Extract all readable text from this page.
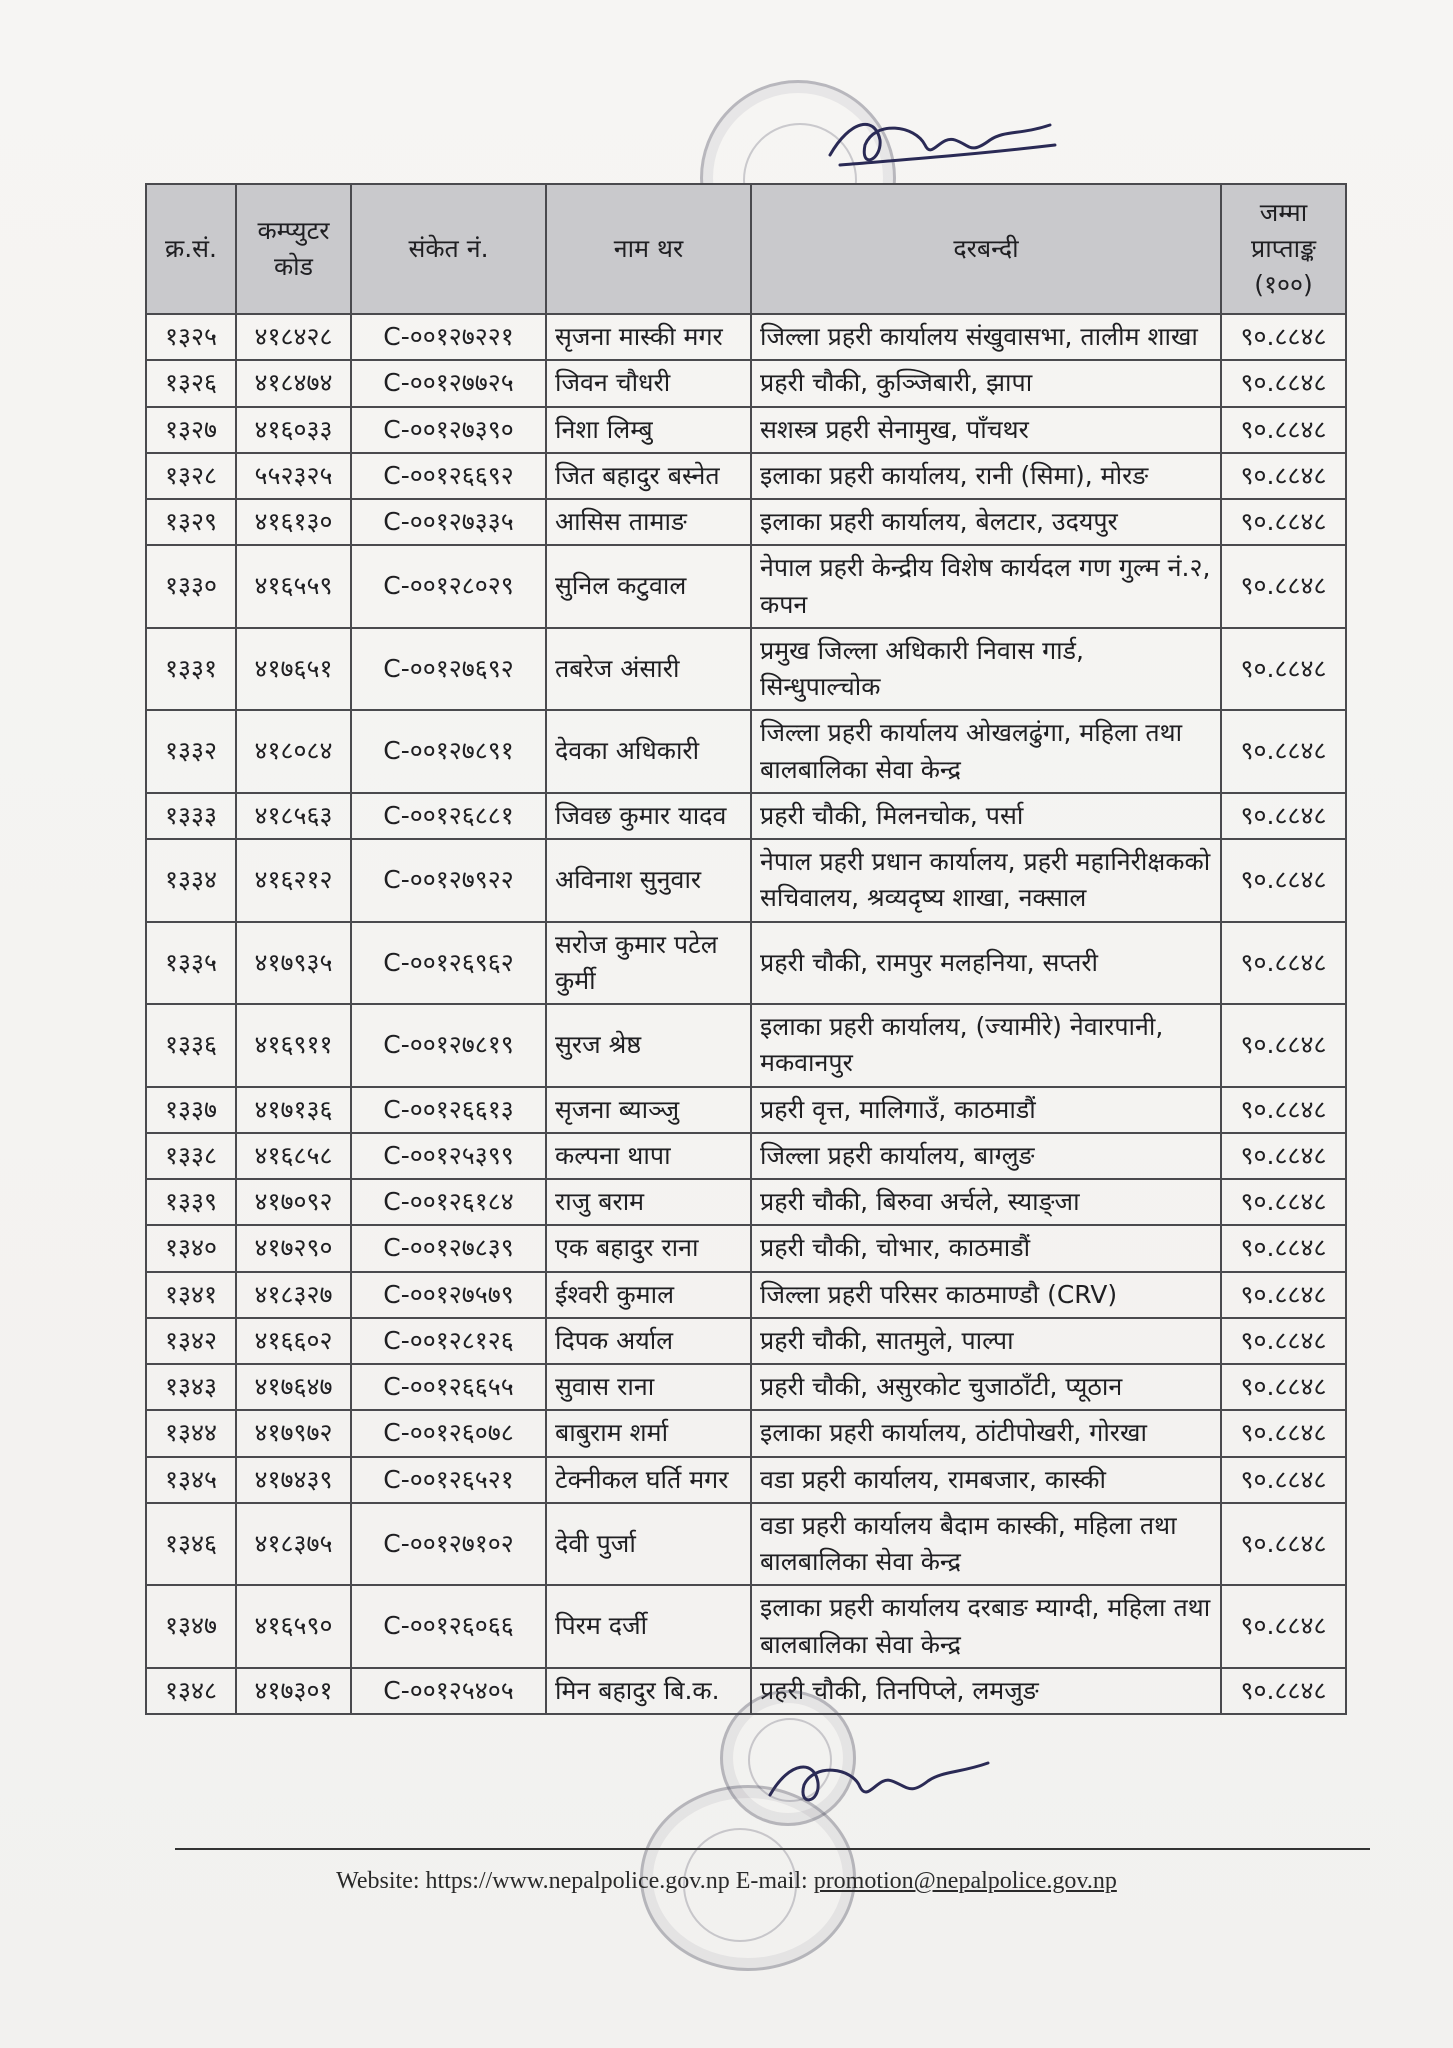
क्र.सं.	कम्प्युटर कोड	संकेत नं.	नाम थर	दरबन्दी	जम्मा प्राप्ताङ्क (१००)
१३२५	४१८४२८	C-००१२७२२१	सृजना मास्की मगर	जिल्ला प्रहरी कार्यालय संखुवासभा, तालीम शाखा	९०.८८४८
१३२६	४१८४७४	C-००१२७७२५	जिवन चौधरी	प्रहरी चौकी, कुञ्जिबारी, झापा	९०.८८४८
१३२७	४१६०३३	C-००१२७३९०	निशा लिम्बु	सशस्त्र प्रहरी सेनामुख, पाँचथर	९०.८८४८
१३२८	५५२३२५	C-००१२६६९२	जित बहादुर बस्नेत	इलाका प्रहरी कार्यालय, रानी (सिमा), मोरङ	९०.८८४८
१३२९	४१६१३०	C-००१२७३३५	आसिस तामाङ	इलाका प्रहरी कार्यालय, बेलटार, उदयपुर	९०.८८४८
१३३०	४१६५५९	C-००१२८०२९	सुनिल कटुवाल	नेपाल प्रहरी केन्द्रीय विशेष कार्यदल गण गुल्म नं.२, कपन	९०.८८४८
१३३१	४१७६५१	C-००१२७६९२	तबरेज अंसारी	प्रमुख जिल्ला अधिकारी निवास गार्ड, सिन्धुपाल्चोक	९०.८८४८
१३३२	४१८०८४	C-००१२७८९१	देवका अधिकारी	जिल्ला प्रहरी कार्यालय ओखलढुंगा, महिला तथा बालबालिका सेवा केन्द्र	९०.८८४८
१३३३	४१८५६३	C-००१२६८८१	जिवछ कुमार यादव	प्रहरी चौकी, मिलनचोक, पर्सा	९०.८८४८
१३३४	४१६२१२	C-००१२७९२२	अविनाश सुनुवार	नेपाल प्रहरी प्रधान कार्यालय, प्रहरी महानिरीक्षकको सचिवालय, श्रव्यदृष्य शाखा, नक्साल	९०.८८४८
१३३५	४१७९३५	C-००१२६९६२	सरोज कुमार पटेल कुर्मी	प्रहरी चौकी, रामपुर मलहनिया, सप्तरी	९०.८८४८
१३३६	४१६९११	C-००१२७८१९	सुरज श्रेष्ठ	इलाका प्रहरी कार्यालय, (ज्यामीरे) नेवारपानी, मकवानपुर	९०.८८४८
१३३७	४१७१३६	C-००१२६६१३	सृजना ब्याञ्जु	प्रहरी वृत्त, मालिगाउँ, काठमाडौं	९०.८८४८
१३३८	४१६८५८	C-००१२५३९९	कल्पना थापा	जिल्ला प्रहरी कार्यालय, बाग्लुङ	९०.८८४८
१३३९	४१७०९२	C-००१२६१८४	राजु बराम	प्रहरी चौकी, बिरुवा अर्चले, स्याङ्जा	९०.८८४८
१३४०	४१७२९०	C-००१२७८३९	एक बहादुर राना	प्रहरी चौकी, चोभार, काठमाडौं	९०.८८४८
१३४१	४१८३२७	C-००१२७५७९	ईश्वरी कुमाल	जिल्ला प्रहरी परिसर काठमाण्डौ (CRV)	९०.८८४८
१३४२	४१६६०२	C-००१२८१२६	दिपक अर्याल	प्रहरी चौकी, सातमुले, पाल्पा	९०.८८४८
१३४३	४१७६४७	C-००१२६६५५	सुवास राना	प्रहरी चौकी, असुरकोट चुजाठाँटी, प्यूठान	९०.८८४८
१३४४	४१७९७२	C-००१२६०७८	बाबुराम शर्मा	इलाका प्रहरी कार्यालय, ठांटीपोखरी, गोरखा	९०.८८४८
१३४५	४१७४३९	C-००१२६५२१	टेक्नीकल घर्ति मगर	वडा प्रहरी कार्यालय, रामबजार, कास्की	९०.८८४८
१३४६	४१८३७५	C-००१२७१०२	देवी पुर्जा	वडा प्रहरी कार्यालय बैदाम कास्की, महिला तथा बालबालिका सेवा केन्द्र	९०.८८४८
१३४७	४१६५९०	C-००१२६०६६	पिरम दर्जी	इलाका प्रहरी कार्यालय दरबाङ म्याग्दी, महिला तथा बालबालिका सेवा केन्द्र	९०.८८४८
१३४८	४१७३०१	C-००१२५४०५	मिन बहादुर बि.क.	प्रहरी चौकी, तिनपिप्ले, लमजुङ	९०.८८४८
Website: https://www.nepalpolice.gov.np E-mail: promotion@nepalpolice.gov.np
